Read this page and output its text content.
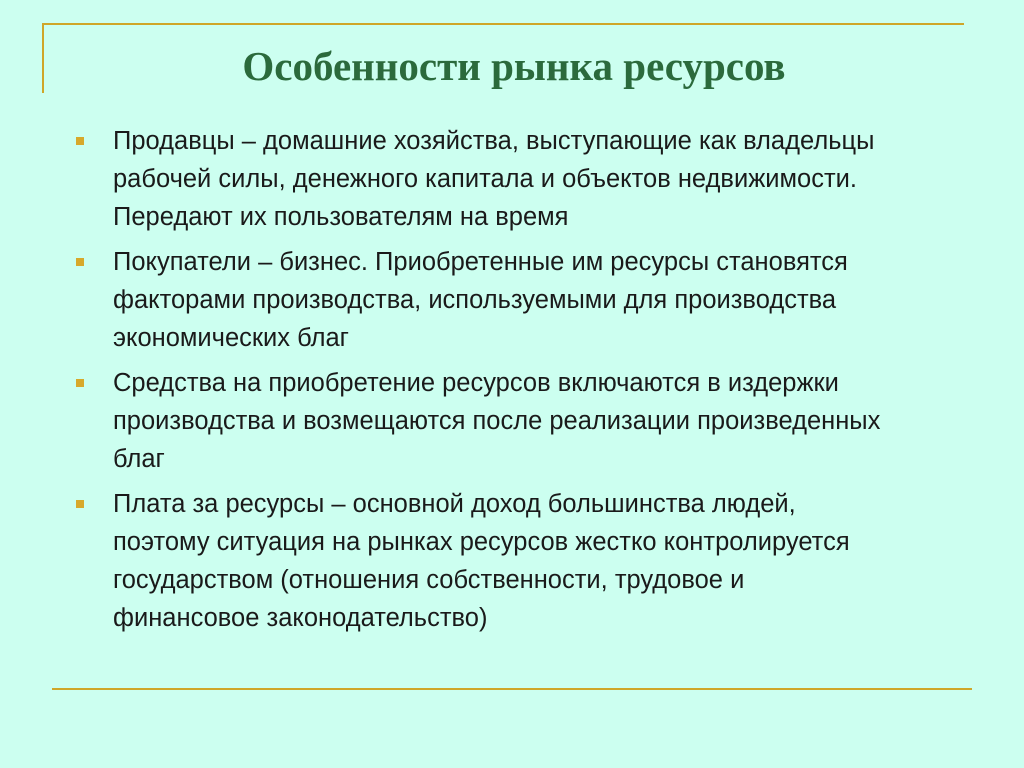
Особенности рынка ресурсов
Продавцы – домашние хозяйства, выступающие как владельцы
рабочей силы, денежного капитала и объектов недвижимости.
Передают их пользователям на время
Покупатели – бизнес. Приобретенные им ресурсы становятся
факторами производства, используемыми для производства
экономических благ
Средства на приобретение ресурсов включаются в издержки
производства и возмещаются после реализации произведенных
благ
Плата за ресурсы – основной доход большинства людей,
поэтому ситуация на рынках ресурсов жестко контролируется
государством (отношения собственности, трудовое и
финансовое законодательство)
